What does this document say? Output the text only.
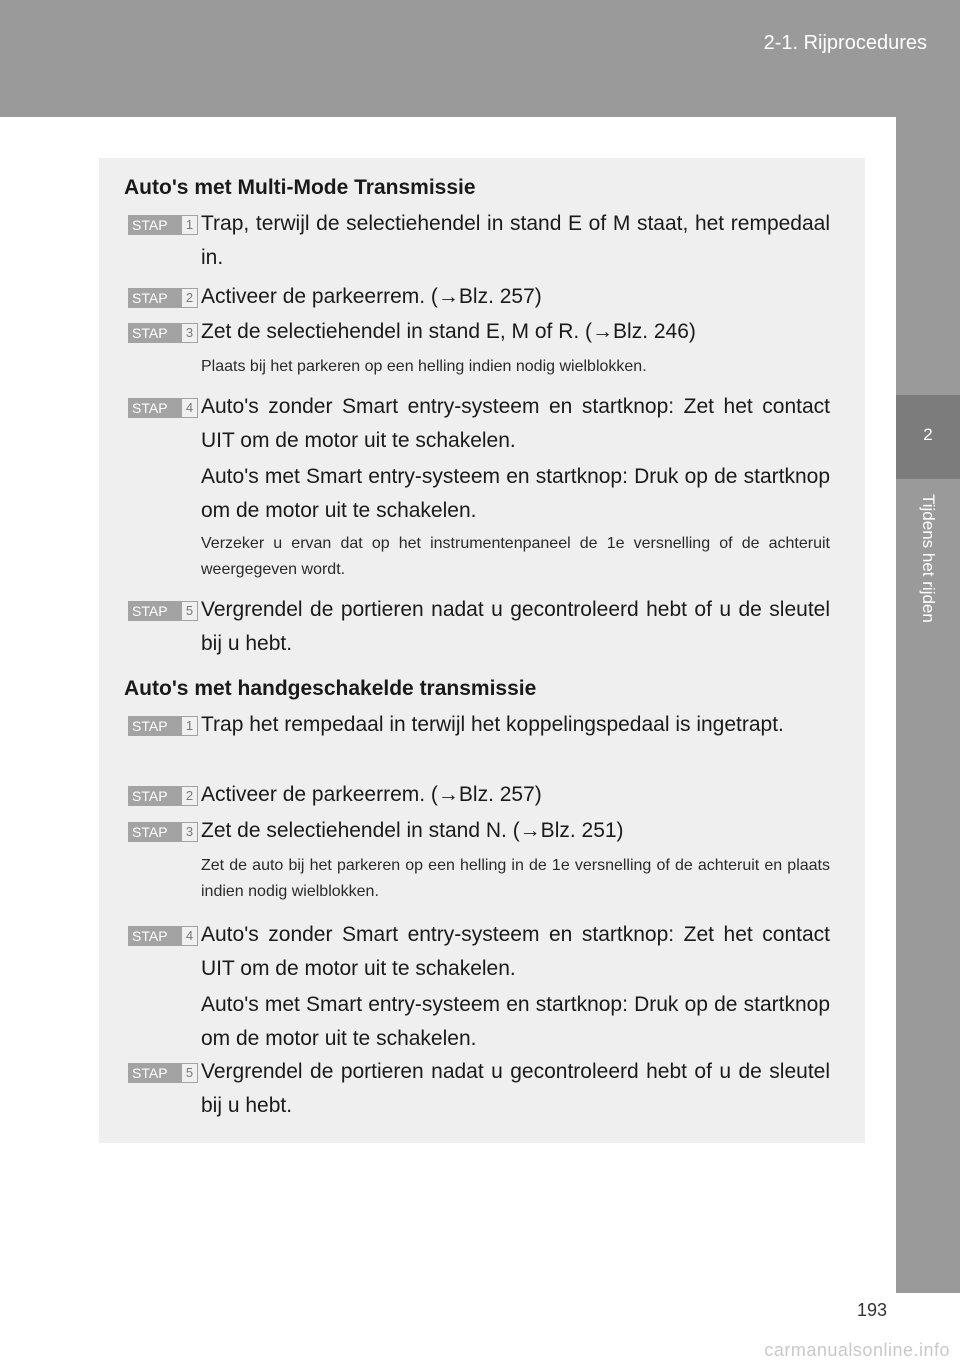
2-1. Rijprocedures
2
Tijdens het rijden
Auto's met Multi-Mode Transmissie
STAP	1 Trap, terwijl de selectiehendel in stand E of M staat, het rempedaal in.
STAP	2 Activeer de parkeerrem. (→Blz. 257)
STAP	3 Zet de selectiehendel in stand E, M of R. (→Blz. 246)
Plaats bij het parkeren op een helling indien nodig wielblokken.
STAP	4 Auto's zonder Smart entry-systeem en startknop: Zet het contact UIT om de motor uit te schakelen.
Auto's met Smart entry-systeem en startknop: Druk op de startknop om de motor uit te schakelen.
Verzeker u ervan dat op het instrumentenpaneel de 1e versnelling of de achteruit weergegeven wordt.
STAP	5 Vergrendel de portieren nadat u gecontroleerd hebt of u de sleutel bij u hebt.
Auto's met handgeschakelde transmissie
STAP	1 Trap het rempedaal in terwijl het koppelingspedaal is ingetrapt.
STAP	2 Activeer de parkeerrem. (→Blz. 257)
STAP	3 Zet de selectiehendel in stand N. (→Blz. 251)
Zet de auto bij het parkeren op een helling in de 1e versnelling of de achteruit en plaats indien nodig wielblokken.
STAP	4 Auto's zonder Smart entry-systeem en startknop: Zet het contact UIT om de motor uit te schakelen.
Auto's met Smart entry-systeem en startknop: Druk op de startknop om de motor uit te schakelen.
STAP	5 Vergrendel de portieren nadat u gecontroleerd hebt of u de sleutel bij u hebt.
193
carmanualsonline.info
